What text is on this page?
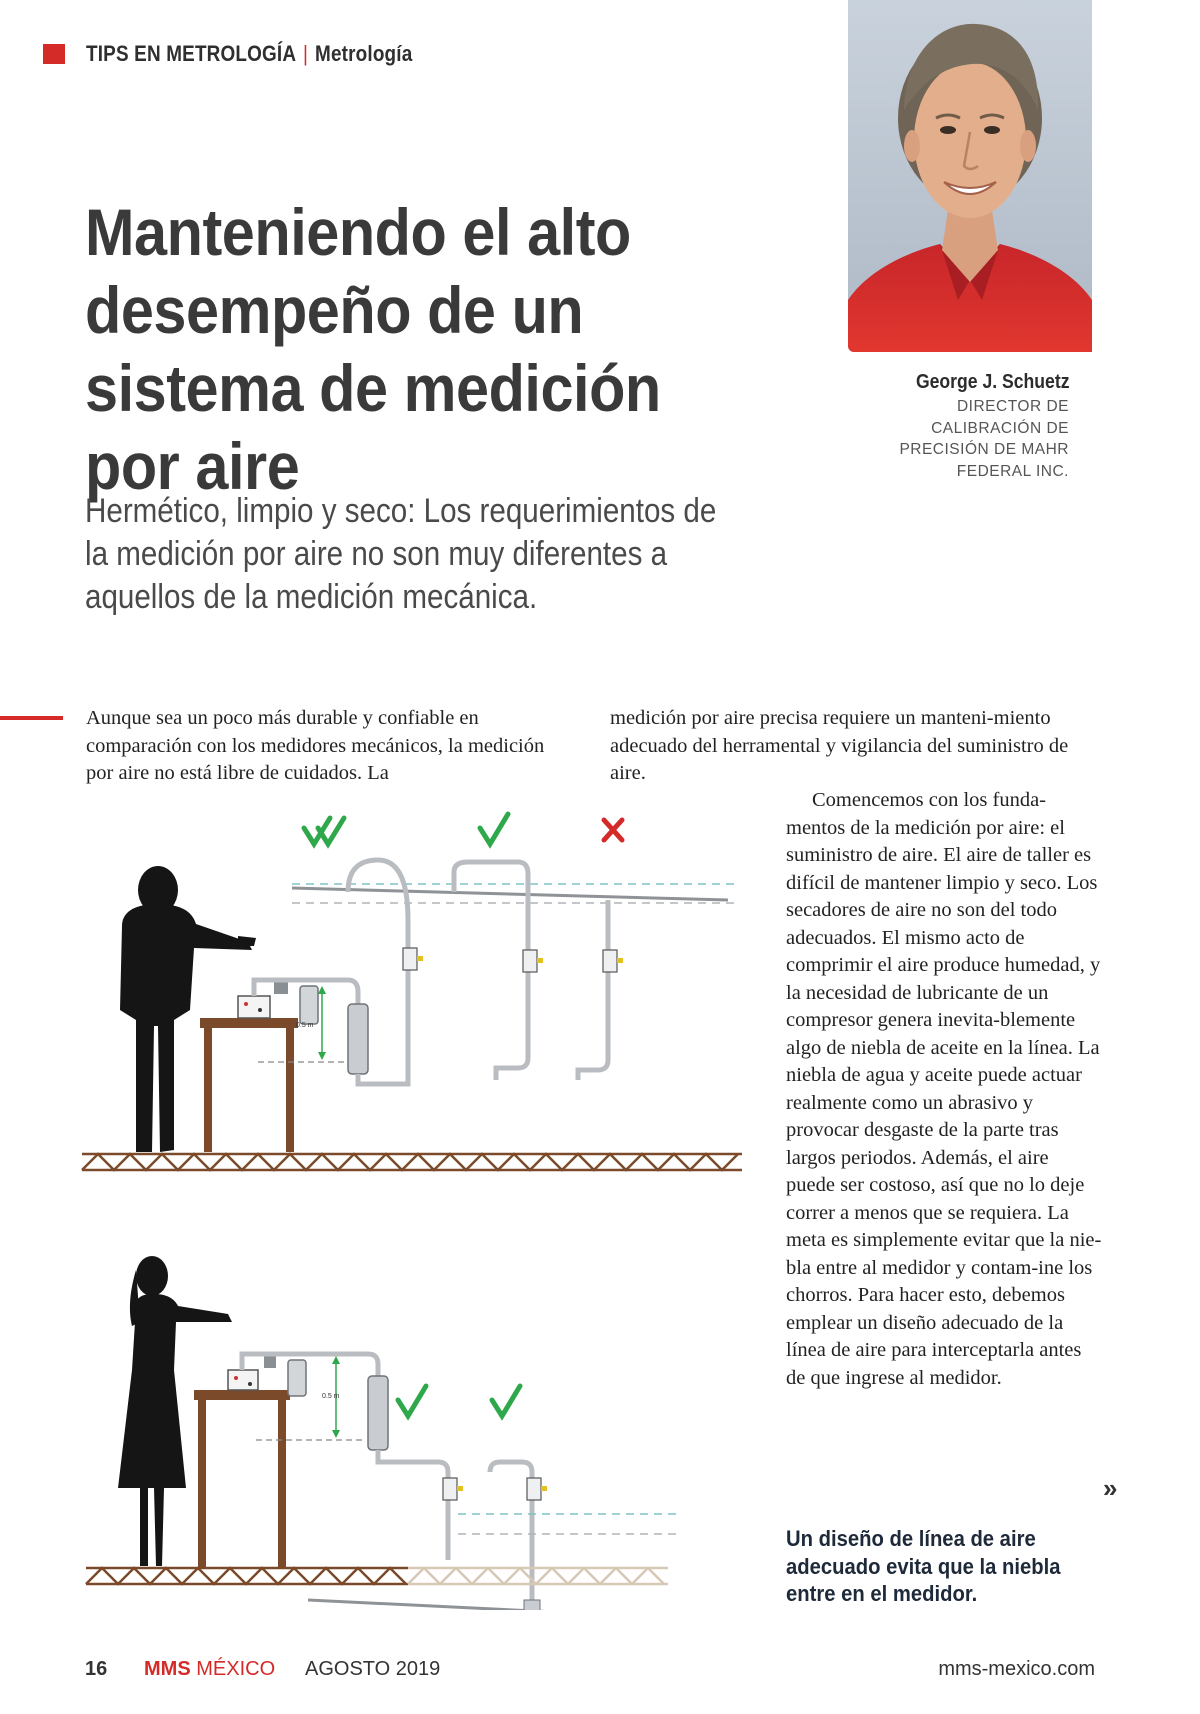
TIPS EN METROLOGÍA | Metrología
Manteniendo el alto desempeño de un sistema de medición por aire

Hermético, limpio y seco: Los requerimientos de la medición por aire no son muy diferentes a aquellos de la medición mecánica.

George J. Schuetz
DIRECTOR DE CALIBRACIÓN DE PRECISIÓN DE MAHR FEDERAL INC.
Aunque sea un poco más durable y confiable en comparación con los medidores mecánicos, la medición por aire no está libre de cuidados. La
medición por aire precisa requiere un manteni-miento adecuado del herramental y vigilancia del suministro de aire.

Comencemos con los funda-mentos de la medición por aire: el suministro de aire. El aire de taller es difícil de mantener limpio y seco. Los secadores de aire no son del todo adecuados. El mismo acto de comprimir el aire produce humedad, y la necesidad de lubricante de un compresor genera inevita-blemente algo de niebla de aceite en la línea. La niebla de agua y aceite puede actuar realmente como un abrasivo y provocar desgaste de la parte tras largos periodos. Además, el aire puede ser costoso, así que no lo deje correr a menos que se requiera. La meta es simplemente evitar que la nie-bla entre al medidor y contam-ine los chorros. Para hacer esto, debemos emplear un diseño adecuado de la línea de aire para interceptarla antes de que ingrese al medidor.

»
Un diseño de línea de aire adecuado evita que la niebla entre en el medidor.
0.5 m
0.5 m
16 MMS MÉXICO AGOSTO 2019	mms-mexico.com
